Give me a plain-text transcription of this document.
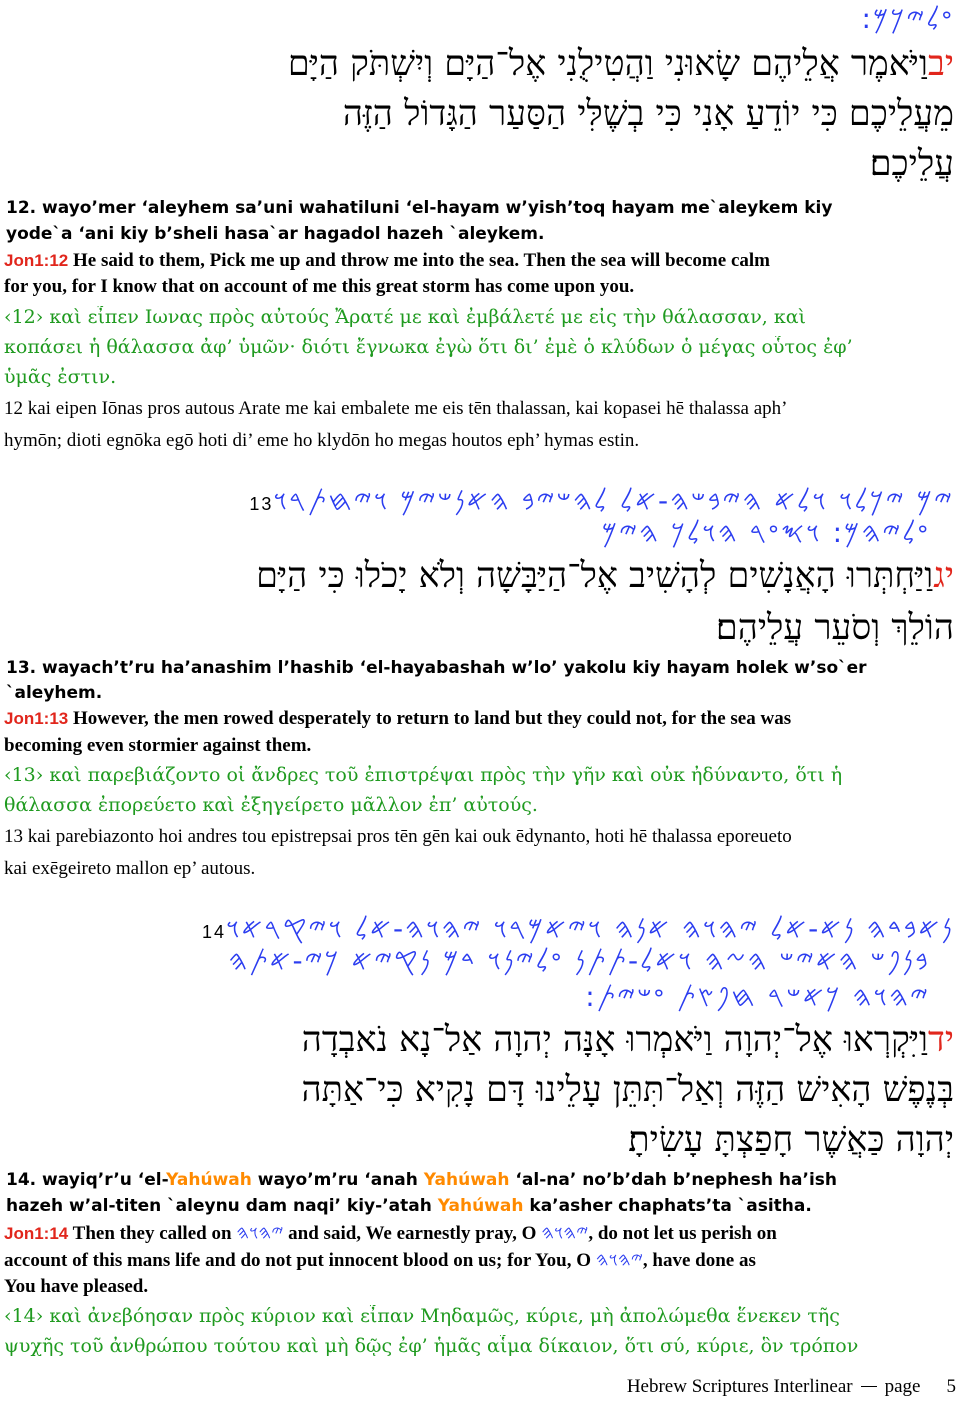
𐤏𐤋𐤉𐤊𐤌:
יבוַיֹּאמֶר אֲלֵיהֶם שָׂאוּנִי וַהֲטִילֻנִי אֶל־הַיָּם וְיִשְׁתֹּק הַיָּם
מֵעֲלֵיכֶם כִּי יוֹדֵעַ אָנִי כִּי בְשֶׁלִּי הַסַּעַר הַגָּדוֹל הַזֶּה
עֲלֵיכֶם׃
12. wayo’mer ‘aleyhem sa’uni wahatiluni ‘el-hayam w’yish’toq hayam me`aleykem kiy
yode`a ‘ani kiy b’sheli hasa`ar hagadol hazeh `aleykem.
Jon1:12 He said to them, Pick me up and throw me into the sea. Then the sea will become calm
for you, for I know that on account of me this great storm has come upon you.
‹12› καὶ εἶπεν Ιωνας πρὸς αὐτούς Ἄρατέ με καὶ ἐμβάλετέ με εἰς τὴν θάλασσαν, καὶ
κοπάσει ἡ θάλασσα ἀφ’ ὑμῶν· διότι ἔγνωκα ἐγὼ ὅτι δι’ ἐμὲ ὁ κλύδων ὁ μέγας οὗτος ἐφ’
ὑμᾶς ἐστιν.
12 kai eipen Iōnas pros autous Arate me kai embalete me eis tēn thalassan, kai kopasei hē thalassa aph’
hymōn; dioti egnōka egō hoti di’ eme ho klydōn ho megas houtos eph’ hymas estin.
𐤉𐤌 𐤉𐤊𐤋𐤅 𐤅𐤋𐤀 𐤄𐤉𐤁𐤔𐤄-𐤀𐤋 𐤋𐤄𐤔𐤉𐤁 𐤄𐤀𐤍𐤔𐤉𐤌 𐤅𐤉𐤇𐤕𐤓𐤅13
𐤏𐤋𐤉𐤄𐤌: 𐤅𐤎𐤏𐤓 𐤄𐤅𐤋𐤊 𐤄𐤉𐤌
יגוַיַּחְתְּרוּ הָאֲנָשִׁים לְהָשִׁיב אֶל־הַיַּבָּשָׁה וְלֹא יָכֹלוּ כִּי הַיָּם
הוֹלֵךְ וְסֹעֵר עֲלֵיהֶם׃
13. wayach’t’ru ha’anashim l’hashib ‘el-hayabashah w’lo’ yakolu kiy hayam holek w’so`er
`aleyhem.
Jon1:13 However, the men rowed desperately to return to land but they could not, for the sea was
becoming even stormier against them.
‹13› καὶ παρεβιάζοντο οἱ ἄνδρες τοῦ ἐπιστρέψαι πρὸς τὴν γῆν καὶ οὐκ ἠδύναντο, ὅτι ἡ
θάλασσα ἐπορεύετο καὶ ἐξηγείρετο μᾶλλον ἐπ’ αὐτούς.
13 kai parebiazonto hoi andres tou epistrepsai pros tēn gēn kai ouk ēdynanto, hoti hē thalassa eporeueto
kai exēgeireto mallon ep’ autous.
𐤍𐤀𐤁𐤃𐤄 𐤍𐤀-𐤀𐤋 𐤉𐤄𐤅𐤄 𐤀𐤍𐤄 𐤅𐤉𐤀𐤌𐤓𐤅 𐤉𐤄𐤅𐤄-𐤀𐤋 𐤅𐤉𐤒𐤓𐤀𐤅14
𐤁𐤍𐤐𐤔 𐤄𐤀𐤉𐤔 𐤄𐤆𐤄 𐤅𐤀𐤋-𐤕𐤕𐤍 𐤏𐤋𐤉𐤍𐤅 𐤃𐤌 𐤍𐤒𐤉𐤀 𐤊𐤉-𐤀𐤕𐤄
𐤉𐤄𐤅𐤄 𐤊𐤀𐤔𐤓 𐤇𐤐𐤑𐤕 𐤏𐤔𐤉𐤕:
ידוַיִּקְרְאוּ אֶל־יְהוָה וַיֹּאמְרוּ אָנָּה יְהוָה אַל־נָא נֹאבְדָה
בְּנֶפֶשׁ הָאִישׁ הַזֶּה וְאַל־תִּתֵּן עָלֵינוּ דָּם נָקִיא כִּי־אַתָּה
יְהוָה כַּאֲשֶׁר חָפַצְתָּ עָשִׂיתָ׃
14. wayiq’r’u ‘el-Yahúwah wayo’m’ru ‘anah Yahúwah ‘al-na’ no’b’dah b’nephesh ha’ish
hazeh w’al-titen `aleynu dam naqi’ kiy-’atah Yahúwah ka’asher chaphats’ta `asitha.
Jon1:14 Then they called on 𐤉𐤄𐤅𐤄 and said, We earnestly pray, O 𐤉𐤄𐤅𐤄, do not let us perish on
account of this mans life and do not put innocent blood on us; for You, O 𐤉𐤄𐤅𐤄, have done as
You have pleased.
‹14› καὶ ἀνεβόησαν πρὸς κύριον καὶ εἶπαν Μηδαμῶς, κύριε, μὴ ἀπολώμεθα ἕνεκεν τῆς
ψυχῆς τοῦ ἀνθρώπου τούτου καὶ μὴ δῷς ἐφ’ ἡμᾶς αἷμα δίκαιον, ὅτι σύ, κύριε, ὃν τρόπον
Hebrew Scriptures Interlinear page 5
